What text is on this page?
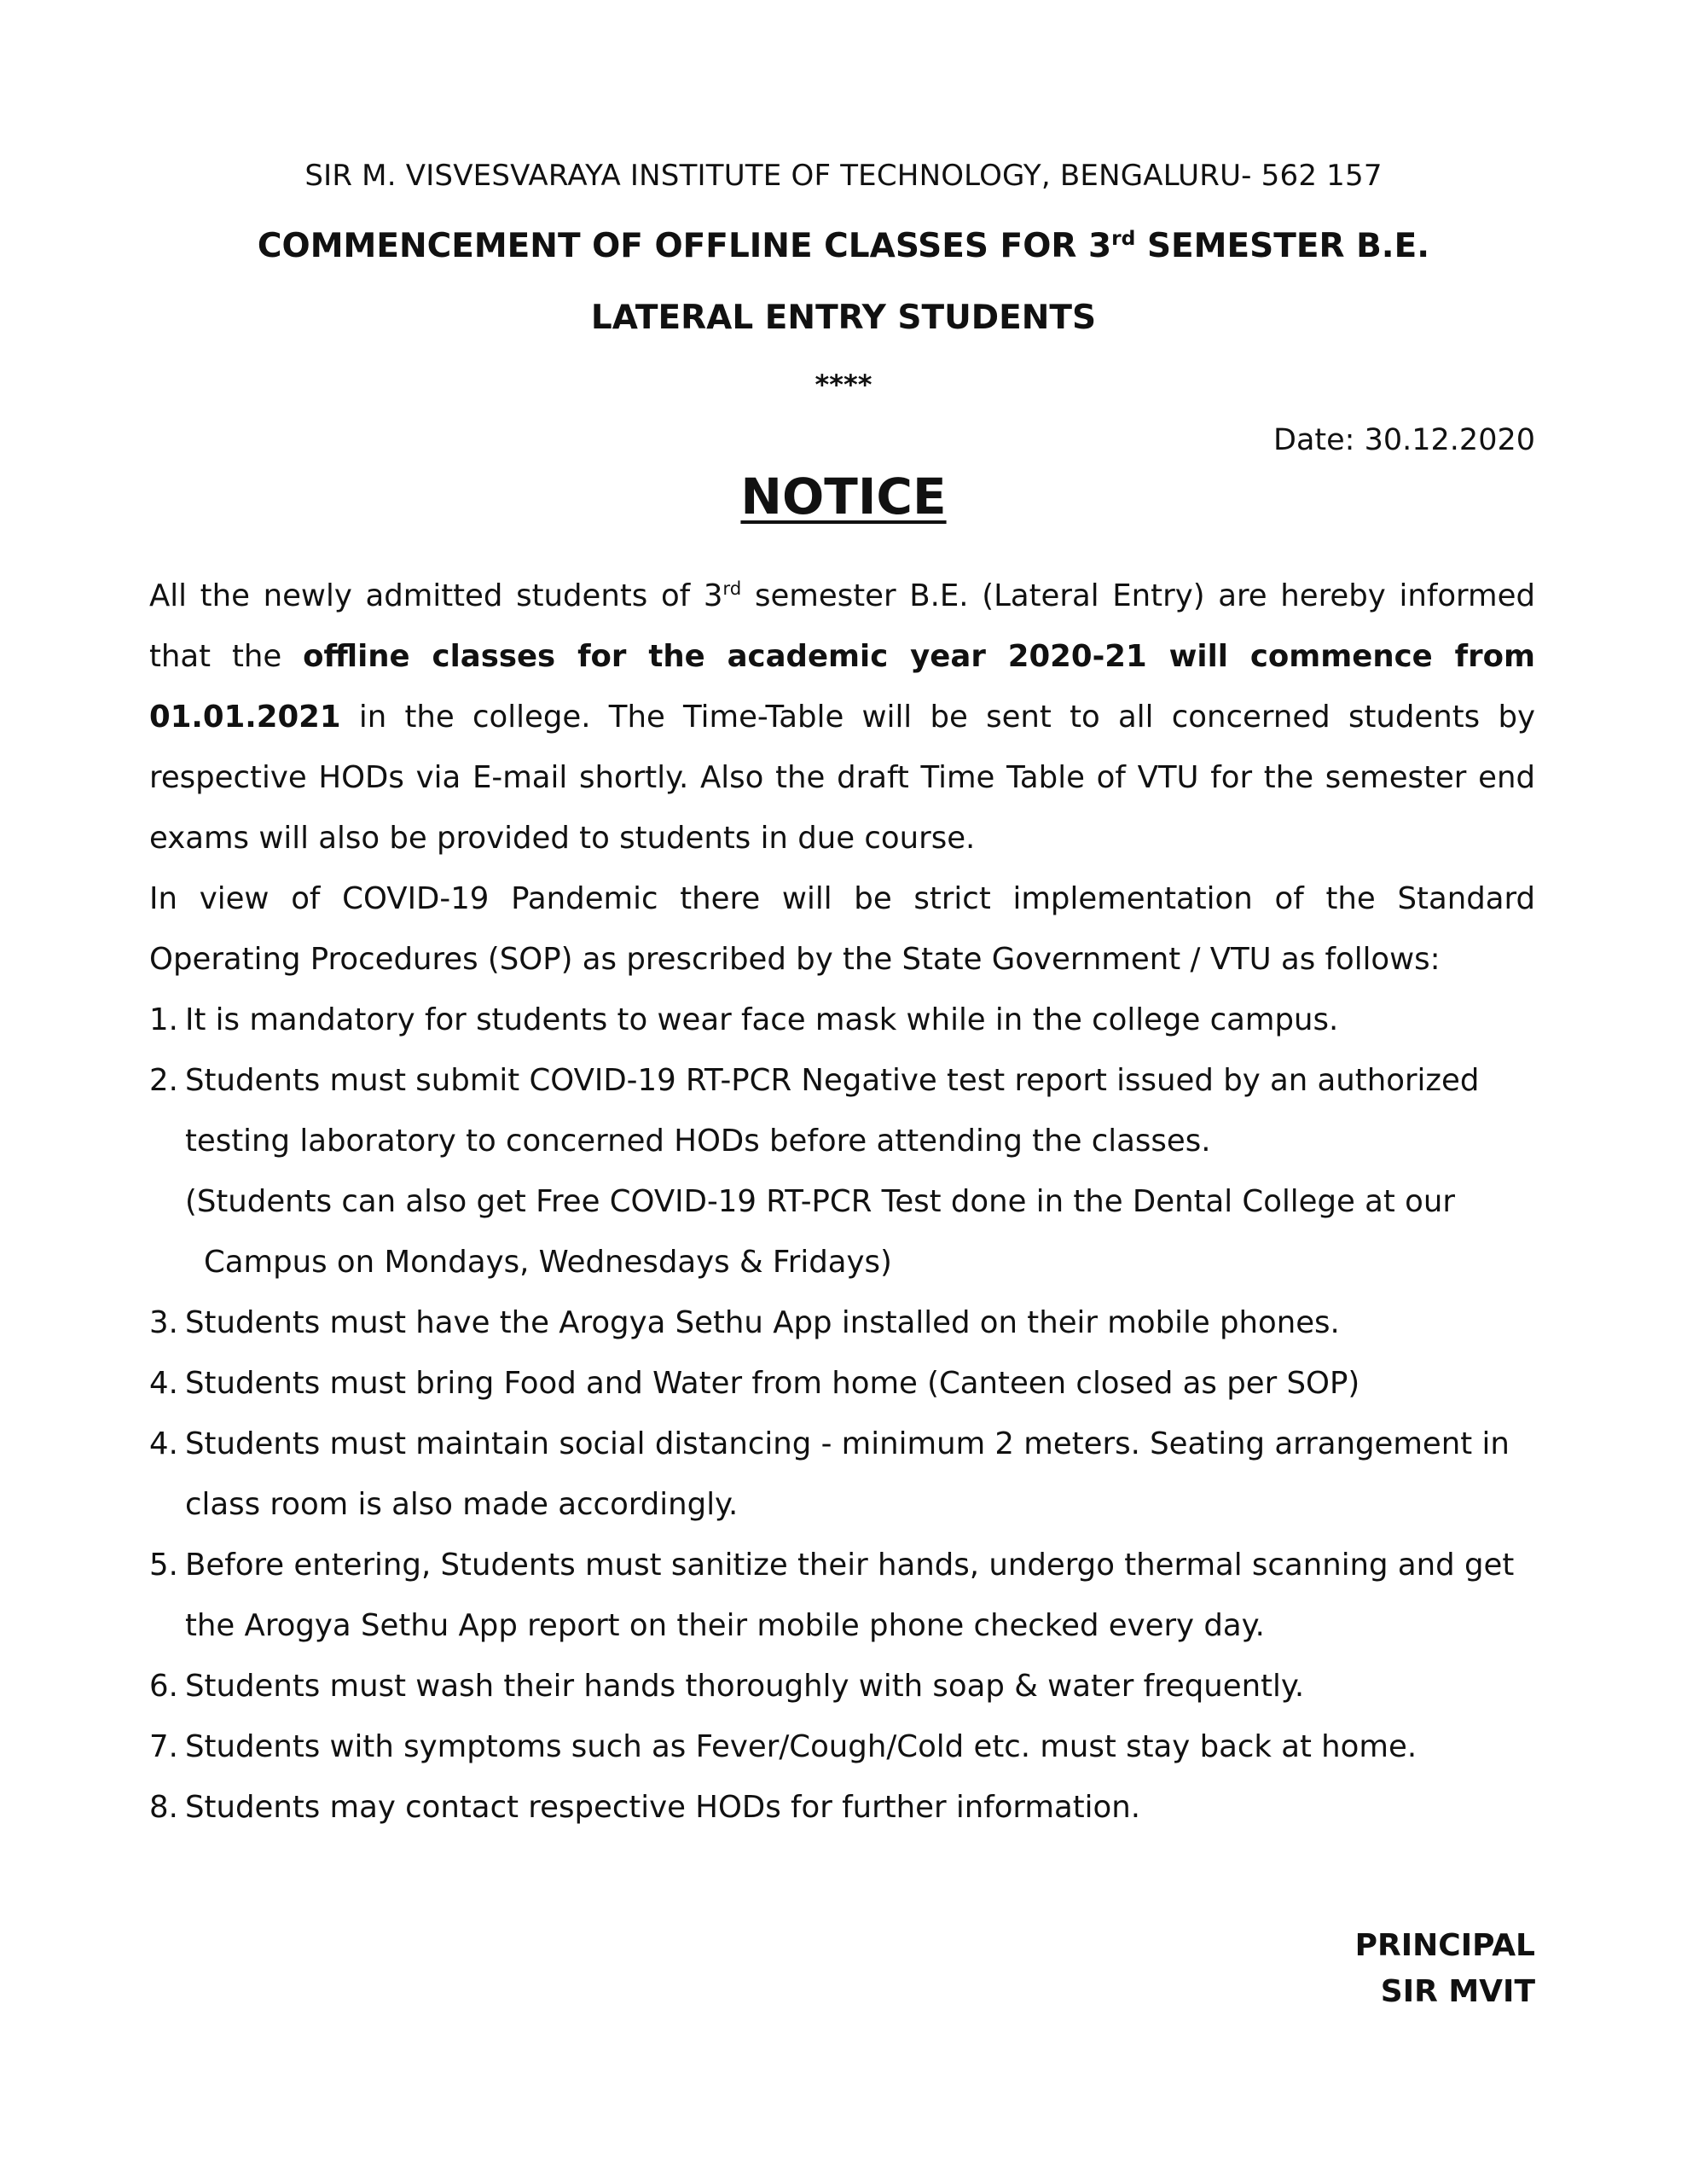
SIR M. VISVESVARAYA INSTITUTE OF TECHNOLOGY, BENGALURU- 562 157
COMMENCEMENT OF OFFLINE CLASSES FOR 3rd SEMESTER B.E.
LATERAL ENTRY STUDENTS
****
Date: 30.12.2020
NOTICE

All the newly admitted students of 3rd semester B.E. (Lateral Entry) are hereby informed that the offline classes for the academic year 2020-21 will commence from 01.01.2021 in the college. The Time-Table will be sent to all concerned students by respective HODs via E-mail shortly. Also the draft Time Table of VTU for the semester end exams will also be provided to students in due course.

In view of COVID-19 Pandemic there will be strict implementation of the Standard Operating Procedures (SOP) as prescribed by the State Government / VTU as follows:

1.It is mandatory for students to wear face mask while in the college campus.
2. Students must submit COVID-19 RT-PCR Negative test report issued by an authorized testing laboratory to concerned HODs before attending the classes.
(Students can also get Free COVID-19 RT-PCR Test done in the Dental College at our
Campus on Mondays, Wednesdays & Fridays)
3. Students must have the Arogya Sethu App installed on their mobile phones.
4. Students must bring Food and Water from home (Canteen closed as per SOP)
4. Students must maintain social distancing - minimum 2 meters. Seating arrangement in class room is also made accordingly.
5. Before entering, Students must sanitize their hands, undergo thermal scanning and get the Arogya Sethu App report on their mobile phone checked every day.
6. Students must wash their hands thoroughly with soap & water frequently.
7. Students with symptoms such as Fever/Cough/Cold etc. must stay back at home.
8.Students may contact respective HODs for further information.
PRINCIPAL
SIR MVIT
